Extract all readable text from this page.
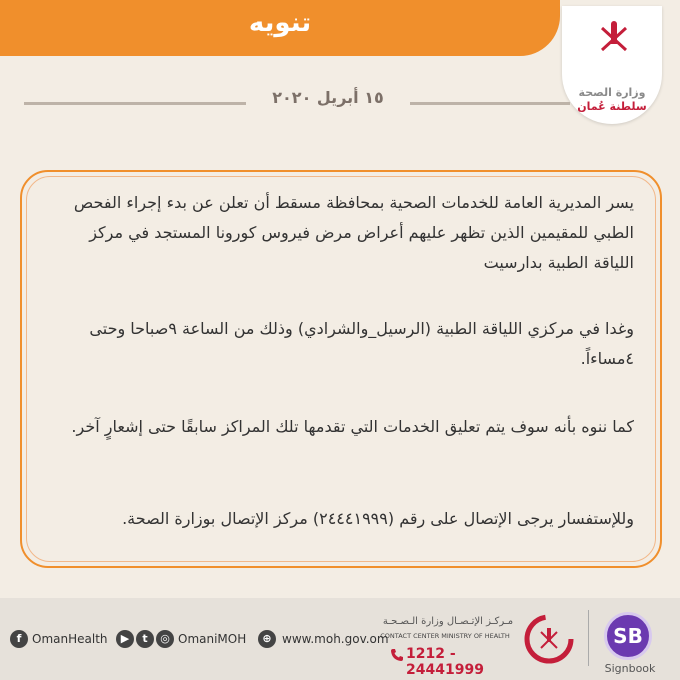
تنويه
وزارة الصحة
سلطنة عُمان
١٥ أبريل ٢٠٢٠
يسر المديرية العامة للخدمات الصحية بمحافظة مسقط أن تعلن عن بدء إجراء الفحص الطبي للمقيمين الذين تظهر عليهم أعراض مرض فيروس كورونا المستجد في مركز اللياقة الطبية بدارسيت
وغدا في مركزي اللياقة الطبية (الرسيل_والشرادي) وذلك من الساعة ٩صباحا وحتى ٤مساءاً.
كما ننوه بأنه سوف يتم تعليق الخدمات التي تقدمها تلك المراكز سابقًا حتى إشعارٍ آخر.
وللإستفسار يرجى الإتصال على رقم (٢٤٤٤١٩٩٩) مركز الإتصال بوزارة الصحة.
SB
Signbook
مـركـز الإتـصـال وزارة الـصـحـة
CONTACT CENTER MINISTRY OF HEALTH
1212 - 24441999
⊕ www.moh.gov.om
▶	t	◎ OmaniMOH
f OmanHealth
